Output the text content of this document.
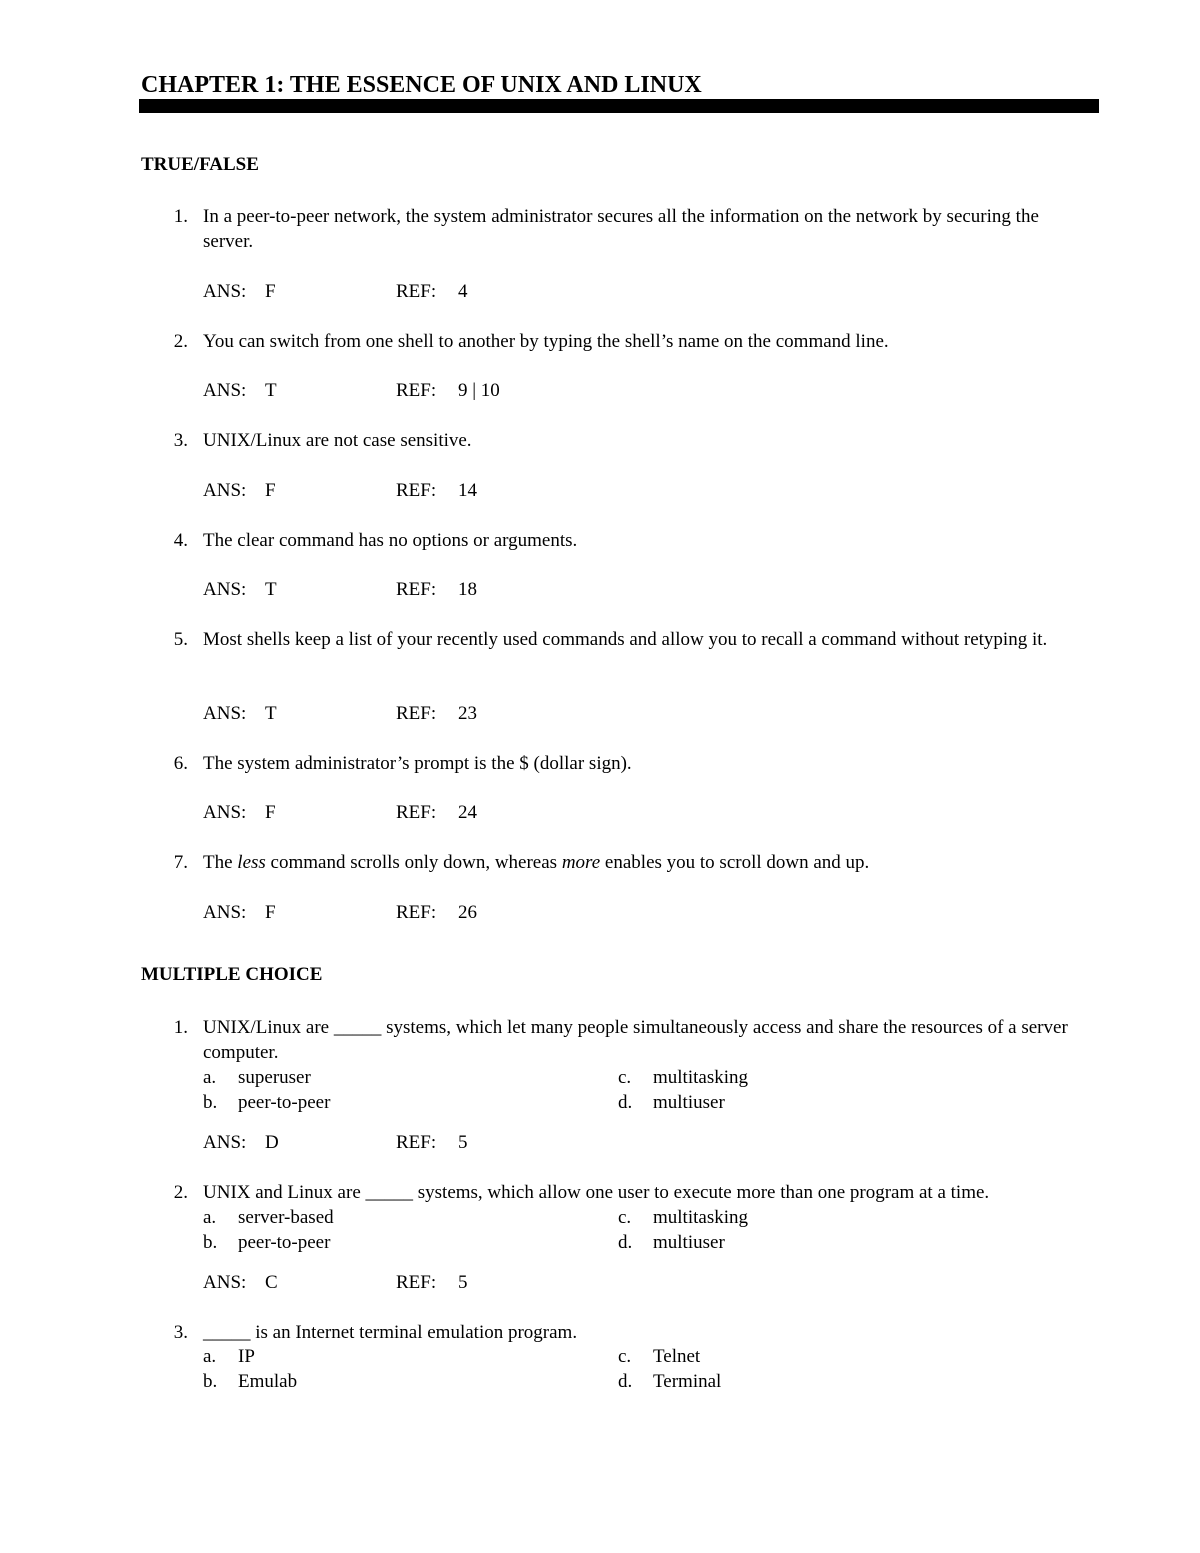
CHAPTER 1: THE ESSENCE OF UNIX AND LINUX
TRUE/FALSE
1. In a peer-to-peer network, the system administrator secures all the information on the network by securing the server.
ANS: F	REF: 4
2. You can switch from one shell to another by typing the shell’s name on the command line.
ANS: T	REF: 9 | 10
3. UNIX/Linux are not case sensitive.
ANS: F	REF: 14
4. The clear command has no options or arguments.
ANS: T	REF: 18
5. Most shells keep a list of your recently used commands and allow you to recall a command without retyping it.
ANS: T	REF: 23
6. The system administrator’s prompt is the $ (dollar sign).
ANS: F	REF: 24
7. The less command scrolls only down, whereas more enables you to scroll down and up.
ANS: F	REF: 26
MULTIPLE CHOICE
1. UNIX/Linux are _____ systems, which let many people simultaneously access and share the resources of a server computer.
a. superuser	c. multitasking
b. peer-to-peer	d. multiuser
ANS: D	REF: 5
2. UNIX and Linux are _____ systems, which allow one user to execute more than one program at a time.
a. server-based	c. multitasking
b. peer-to-peer	d. multiuser
ANS: C	REF: 5
3. _____ is an Internet terminal emulation program.
a. IP	c. Telnet
b. Emulab	d. Terminal
